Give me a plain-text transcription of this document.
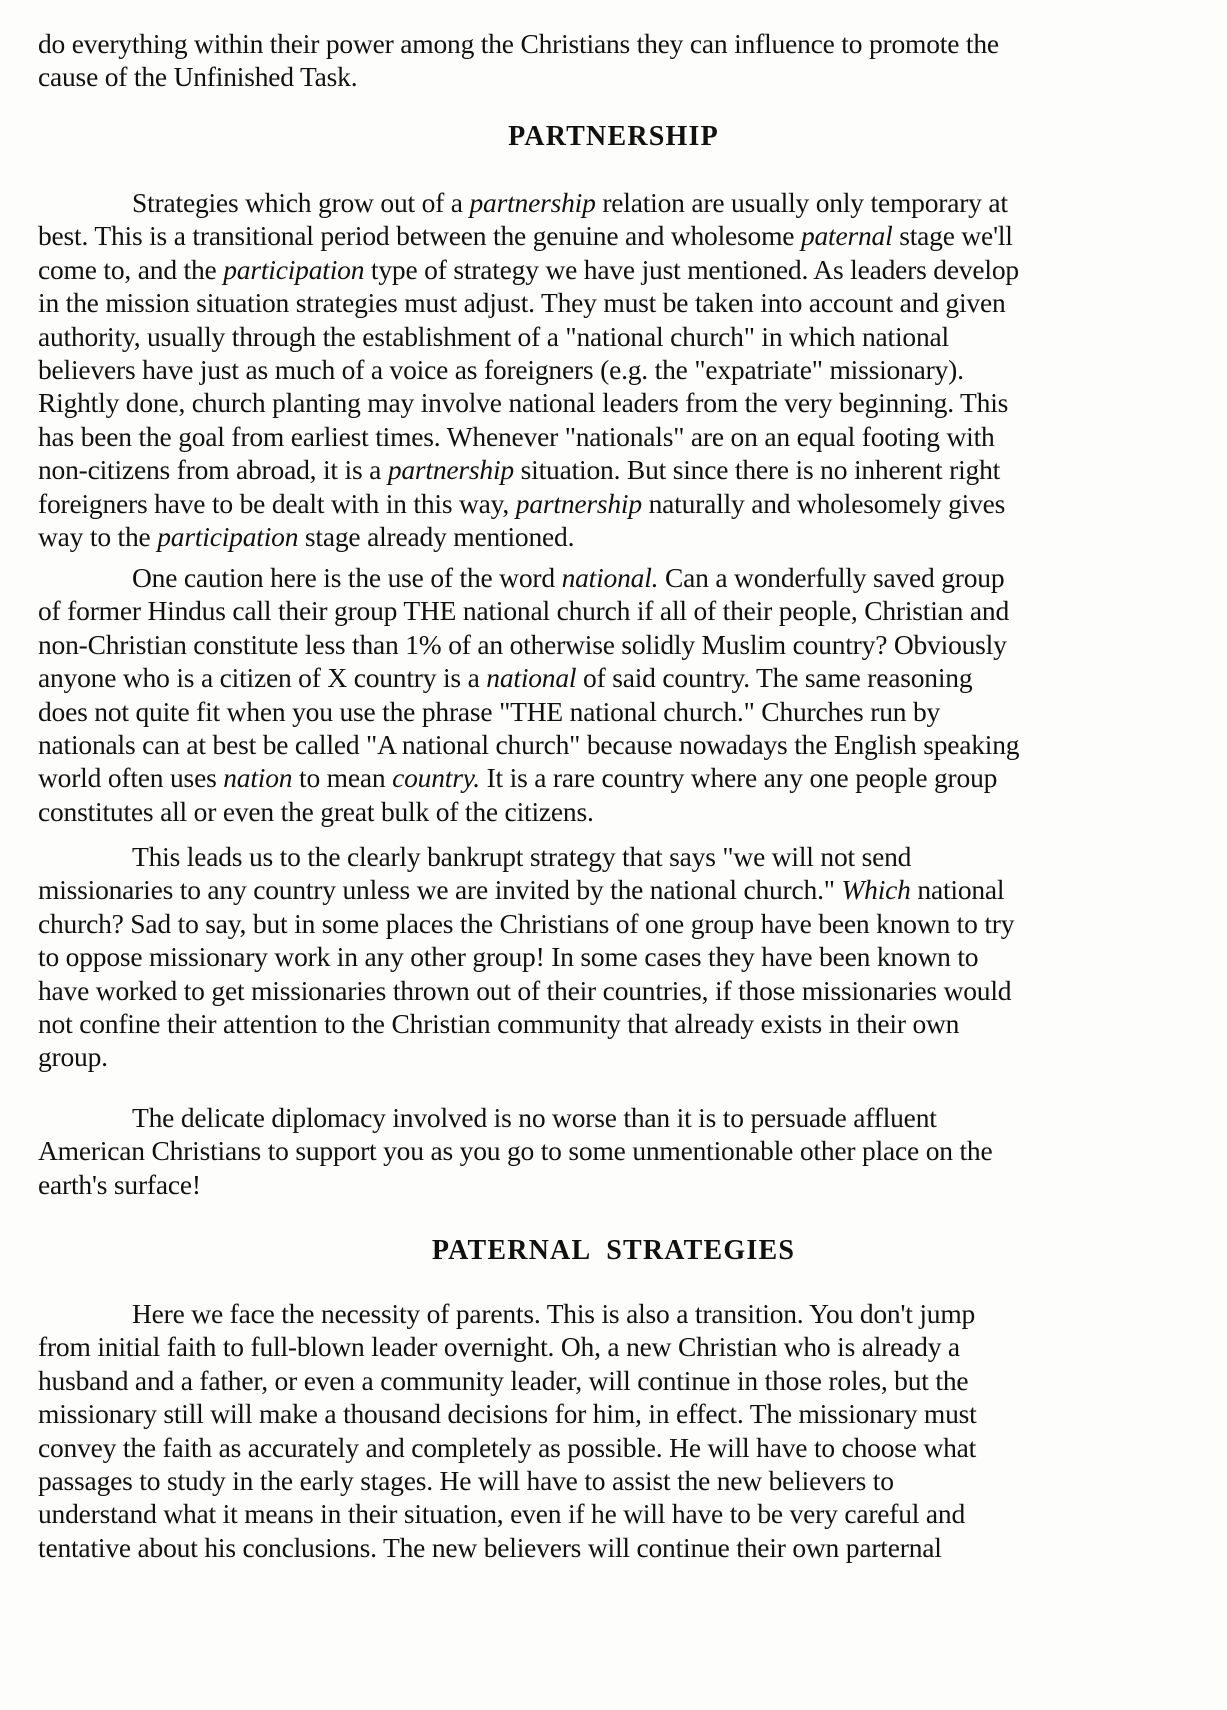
do everything within their power among the Christians they can influence to promote the
cause of the Unfinished Task.
PARTNERSHIP
Strategies which grow out of a partnership relation are usually only temporary at
best. This is a transitional period between the genuine and wholesome paternal stage we'll
come to, and the participation type of strategy we have just mentioned. As leaders develop
in the mission situation strategies must adjust. They must be taken into account and given
authority, usually through the establishment of a "national church" in which national
believers have just as much of a voice as foreigners (e.g. the "expatriate" missionary).
Rightly done, church planting may involve national leaders from the very beginning. This
has been the goal from earliest times. Whenever "nationals" are on an equal footing with
non-citizens from abroad, it is a partnership situation. But since there is no inherent right
foreigners have to be dealt with in this way, partnership naturally and wholesomely gives
way to the participation stage already mentioned.
One caution here is the use of the word national. Can a wonderfully saved group
of former Hindus call their group THE national church if all of their people, Christian and
non-Christian constitute less than 1% of an otherwise solidly Muslim country? Obviously
anyone who is a citizen of X country is a national of said country. The same reasoning
does not quite fit when you use the phrase "THE national church." Churches run by
nationals can at best be called "A national church" because nowadays the English speaking
world often uses nation to mean country. It is a rare country where any one people group
constitutes all or even the great bulk of the citizens.
This leads us to the clearly bankrupt strategy that says "we will not send
missionaries to any country unless we are invited by the national church." Which national
church? Sad to say, but in some places the Christians of one group have been known to try
to oppose missionary work in any other group! In some cases they have been known to
have worked to get missionaries thrown out of their countries, if those missionaries would
not confine their attention to the Christian community that already exists in their own
group.
The delicate diplomacy involved is no worse than it is to persuade affluent
American Christians to support you as you go to some unmentionable other place on the
earth's surface!
PATERNAL  STRATEGIES
Here we face the necessity of parents. This is also a transition. You don't jump
from initial faith to full-blown leader overnight. Oh, a new Christian who is already a
husband and a father, or even a community leader, will continue in those roles, but the
missionary still will make a thousand decisions for him, in effect. The missionary must
convey the faith as accurately and completely as possible. He will have to choose what
passages to study in the early stages. He will have to assist the new believers to
understand what it means in their situation, even if he will have to be very careful and
tentative about his conclusions. The new believers will continue their own parternal
